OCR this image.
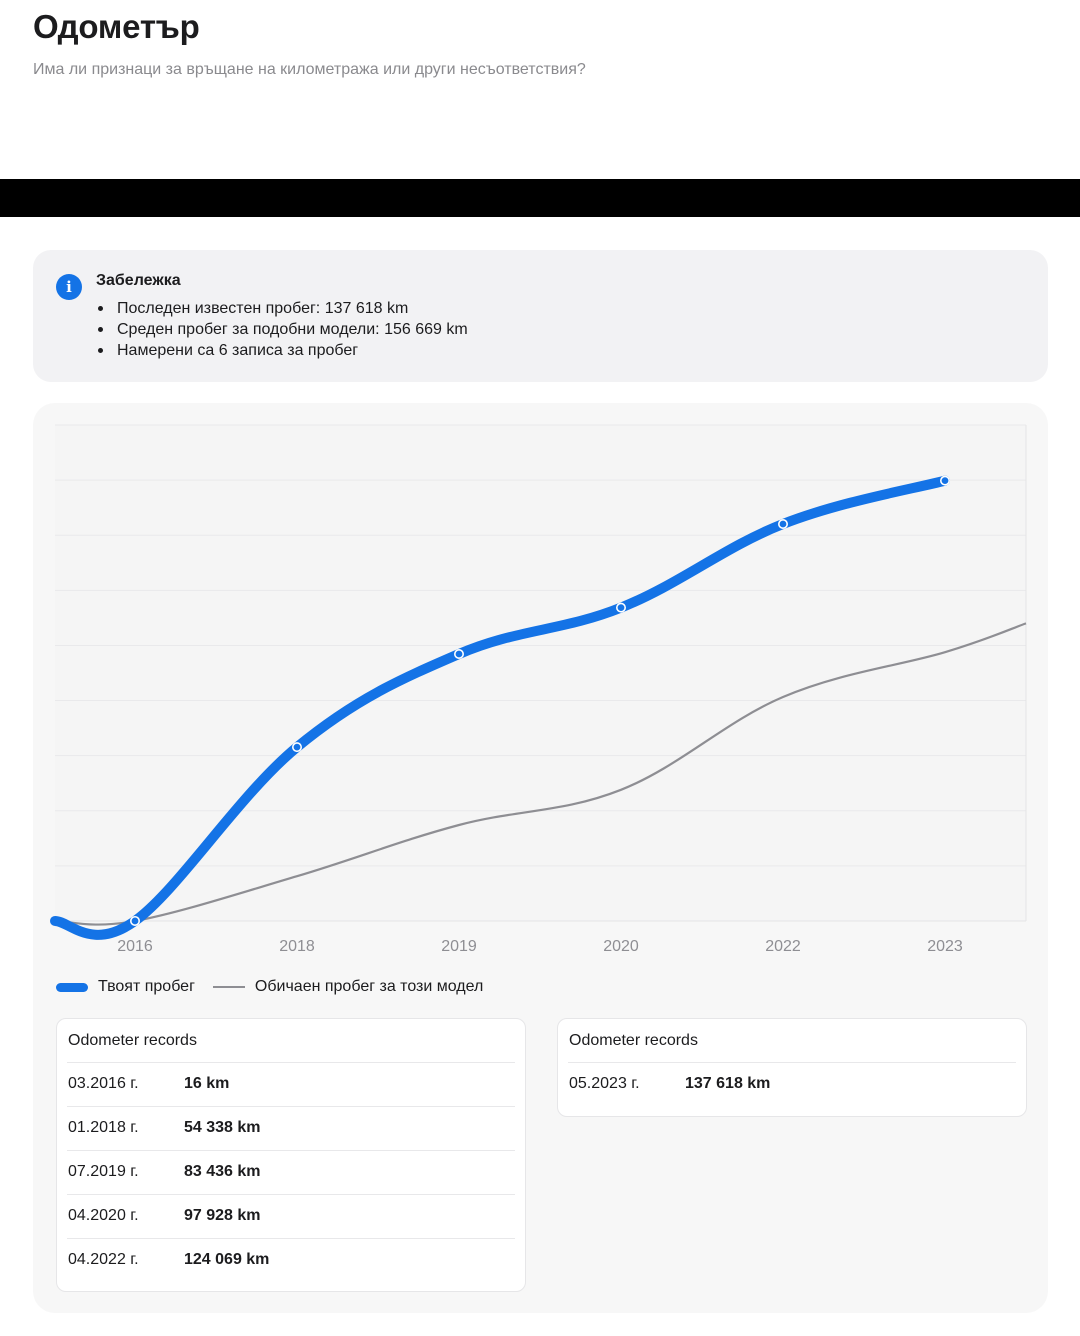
Одометър
Има ли признаци за връщане на километража или други несъответствия?
i	Забележка
Последен известен пробег: 137 618 km
Среден пробег за подобни модели: 156 669 km
Намерени са 6 записа за пробег
2016	2018	2019	2020	2022	2023
Твоят пробег	Обичаен пробег за този модел
Odometer records
03.2016 г.	16 km
01.2018 г.	54 338 km
07.2019 г.	83 436 km
04.2020 г.	97 928 km
04.2022 г.	124 069 km
Odometer records
05.2023 г.	137 618 km
